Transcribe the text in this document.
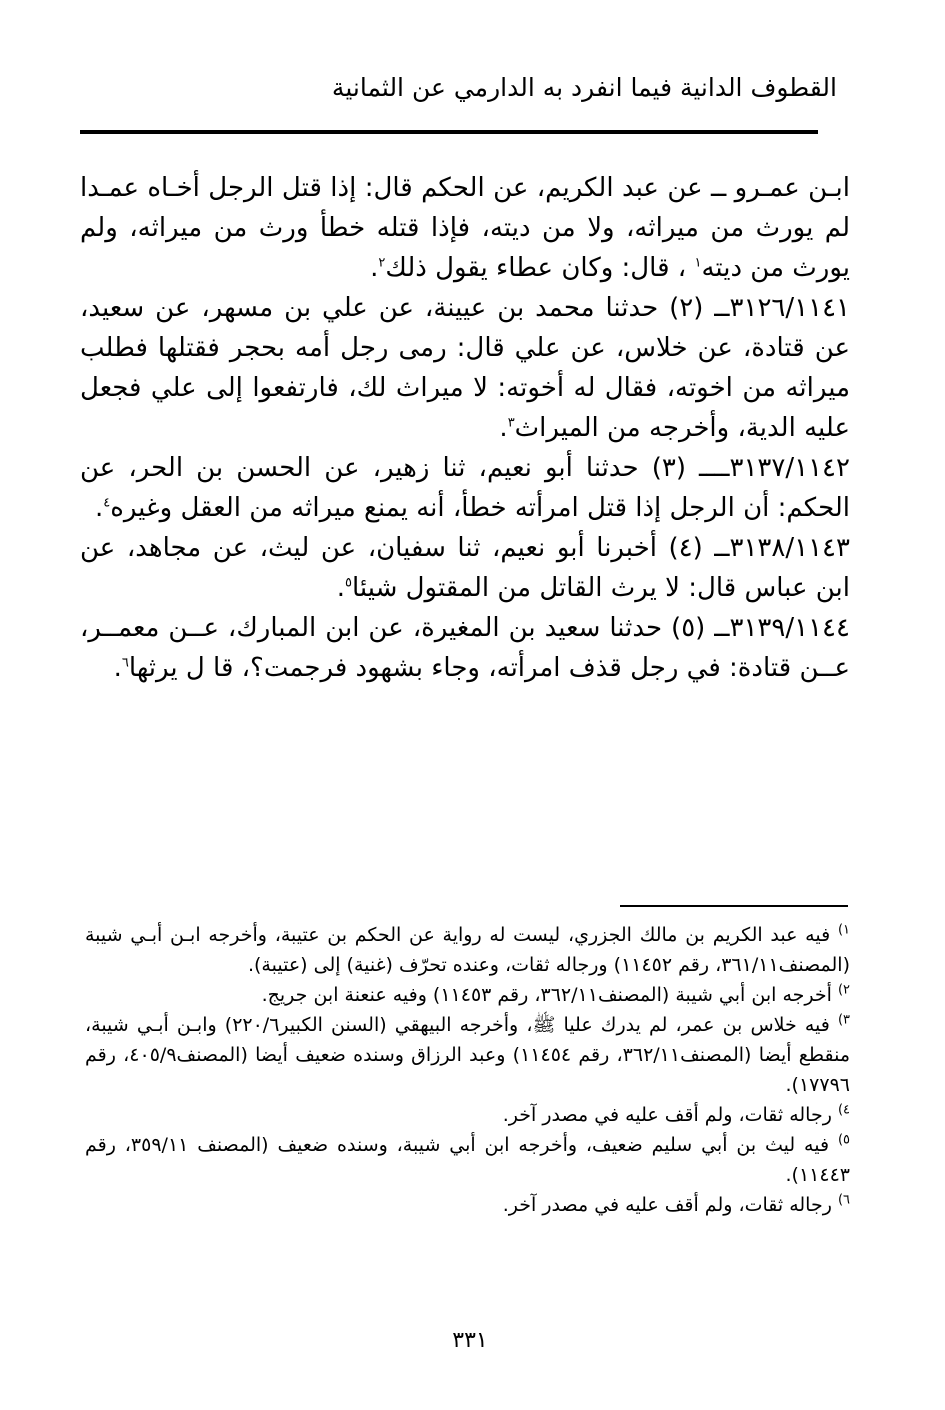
القطوف الدانية فيما انفرد به الدارمي عن الثمانية

ابـن عمـرو ــ عن عبد الكريم، عن الحكم قال: إذا قتل الرجل أخـاه عمـدا لم يورث من ميراثه، ولا من ديته، فإذا قتله خطأ ورث من ميراثه، ولم يورث من ديته$^١$ ، قال: وكان عطاء يقول ذلك$^٢$.

٣١٢٦/١١٤١ــ (٢) حدثنا محمد بن عيينة، عن علي بن مسهر، عن سعيد، عن قتادة، عن خلاس، عن علي قال: رمى رجل أمه بحجر فقتلها فطلب ميراثه من اخوته، فقال له أخوته: لا ميراث لك، فارتفعوا إلى علي فجعل عليه الدية، وأخرجه من الميراث$^٣$.

٣١٣٧/١١٤٢ــــ (٣) حدثنا أبو نعيم، ثنا زهير، عن الحسن بن الحر، عن الحكم: أن الرجل إذا قتل امرأته خطأ، أنه يمنع ميراثه من العقل وغيره$^٤$.

٣١٣٨/١١٤٣ــ (٤) أخبرنا أبو نعيم، ثنا سفيان، عن ليث، عن مجاهد، عن ابن عباس قال: لا يرث القاتل من المقتول شيئا$^٥$.

٣١٣٩/١١٤٤ــ (٥) حدثنا سعيد بن المغيرة، عن ابن المبارك، عــن معمــر، عــن قتادة: في رجل قذف امرأته، وجاء بشهود فرجمت؟، قا ل يرثها$^٦$.

$^{١)}$ فيه عبد الكريم بن مالك الجزري، ليست له رواية عن الحكم بن عتيبة، وأخرجه ابـن أبـي شيبة (المصنف٣٦١/١١، رقم ١١٤٥٢) ورجاله ثقات، وعنده تحرّف (غنية) إلى (عتيبة).

$^{٢)}$ أخرجه ابن أبي شيبة (المصنف٣٦٢/١١، رقم ١١٤٥٣) وفيه عنعنة ابن جريج.

$^{٣)}$ فيه خلاس بن عمر، لم يدرك عليا ﷺ، وأخرجه البيهقي (السنن الكبير٢٢٠/٦) وابـن أبـي شيبة، منقطع أيضا (المصنف٣٦٢/١١، رقم ١١٤٥٤) وعبد الرزاق وسنده ضعيف أيضا (المصنف٤٠٥/٩، رقم ١٧٧٩٦).

$^{٤)}$ رجاله ثقات، ولم أقف عليه في مصدر آخر.

$^{٥)}$ فيه ليث بن أبي سليم ضعيف، وأخرجه ابن أبي شيبة، وسنده ضعيف (المصنف ٣٥٩/١١، رقم ١١٤٤٣).

$^{٦)}$ رجاله ثقات، ولم أقف عليه في مصدر آخر.

٣٣١
